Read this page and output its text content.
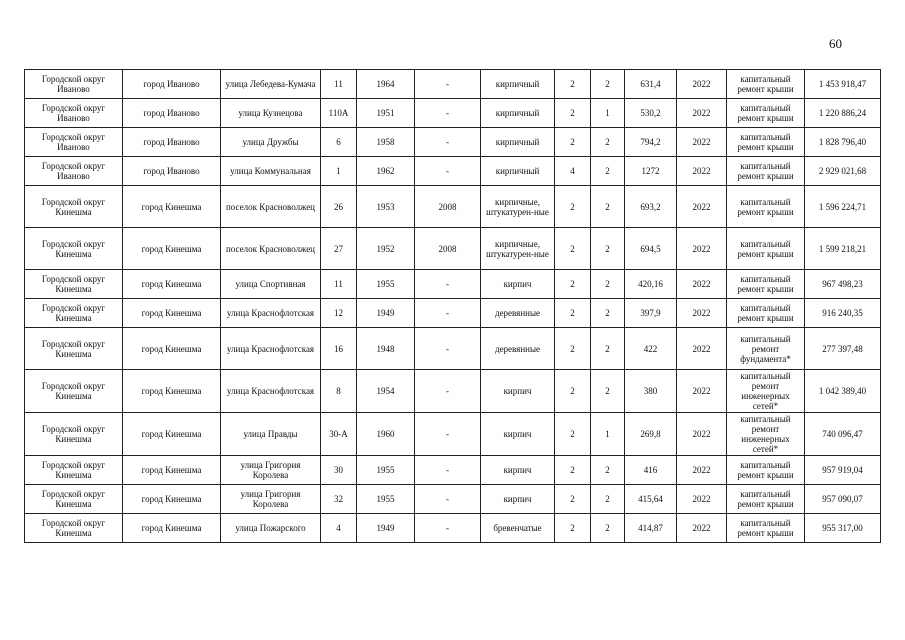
60
Городской округ Иваново	город Иваново	улица Лебедева-Кумача	11	1964	-	кирпичный	2	2	631,4	2022	капитальный ремонт крыши	1 453 918,47
Городской округ Иваново	город Иваново	улица Кузнецова	110А	1951	-	кирпичный	2	1	530,2	2022	капитальный ремонт крыши	1 220 886,24
Городской округ Иваново	город Иваново	улица Дружбы	6	1958	-	кирпичный	2	2	794,2	2022	капитальный ремонт крыши	1 828 796,40
Городской округ Иваново	город Иваново	улица Коммунальная	1	1962	-	кирпичный	4	2	1272	2022	капитальный ремонт крыши	2 929 021,68
Городской округ Кинешма	город Кинешма	поселок Красноволжец	26	1953	2008	кирпичные, штукатурен-ные	2	2	693,2	2022	капитальный ремонт крыши	1 596 224,71
Городской округ Кинешма	город Кинешма	поселок Красноволжец	27	1952	2008	кирпичные, штукатурен-ные	2	2	694,5	2022	капитальный ремонт крыши	1 599 218,21
Городской округ Кинешма	город Кинешма	улица Спортивная	11	1955	-	кирпич	2	2	420,16	2022	капитальный ремонт крыши	967 498,23
Городской округ Кинешма	город Кинешма	улица Краснофлотская	12	1949	-	деревянные	2	2	397,9	2022	капитальный ремонт крыши	916 240,35
Городской округ Кинешма	город Кинешма	улица Краснофлотская	16	1948	-	деревянные	2	2	422	2022	капитальный ремонт фундамента*	277 397,48
Городской округ Кинешма	город Кинешма	улица Краснофлотская	8	1954	-	кирпич	2	2	380	2022	капитальный ремонт инженерных сетей*	1 042 389,40
Городской округ Кинешма	город Кинешма	улица Правды	30-А	1960	-	кирпич	2	1	269,8	2022	капитальный ремонт инженерных сетей*	740 096,47
Городской округ Кинешма	город Кинешма	улица Григория Королева	30	1955	-	кирпич	2	2	416	2022	капитальный ремонт крыши	957 919,04
Городской округ Кинешма	город Кинешма	улица Григория Королева	32	1955	-	кирпич	2	2	415,64	2022	капитальный ремонт крыши	957 090,07
Городской округ Кинешма	город Кинешма	улица Пожарского	4	1949	-	бревенчатые	2	2	414,87	2022	капитальный ремонт крыши	955 317,00
